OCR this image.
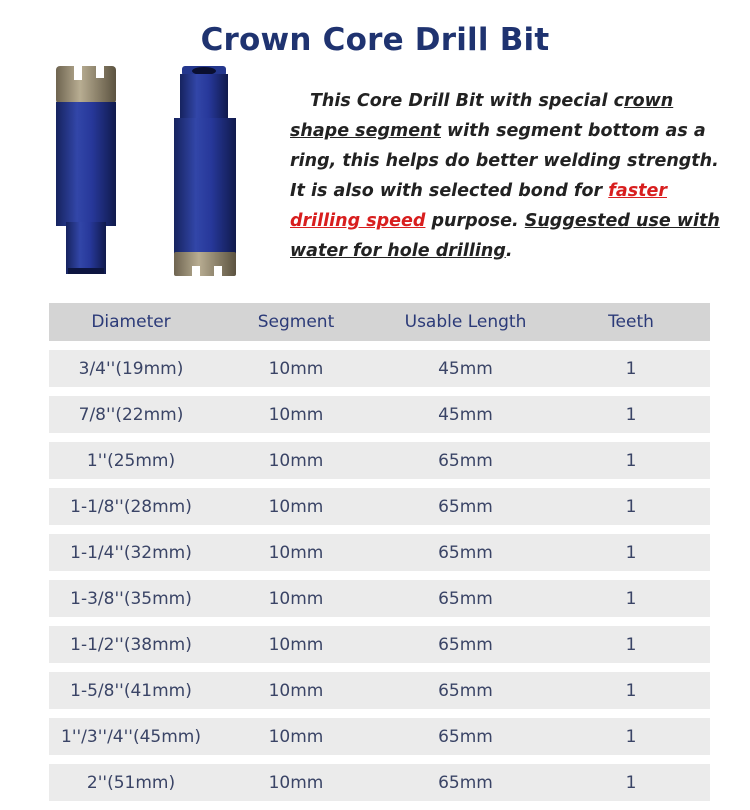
Crown Core Drill Bit
This Core Drill Bit with special crown shape segment with segment bottom as a ring, this helps do better welding strength. It is also with selected bond for faster drilling speed purpose. Suggested use with water for hole drilling.
Diameter	Segment	Usable Length	Teeth
3/4''(19mm)	10mm	45mm	1
7/8''(22mm)	10mm	45mm	1
1''(25mm)	10mm	65mm	1
1-1/8''(28mm)	10mm	65mm	1
1-1/4''(32mm)	10mm	65mm	1
1-3/8''(35mm)	10mm	65mm	1
1-1/2''(38mm)	10mm	65mm	1
1-5/8''(41mm)	10mm	65mm	1
1''/3''/4''(45mm)	10mm	65mm	1
2''(51mm)	10mm	65mm	1
